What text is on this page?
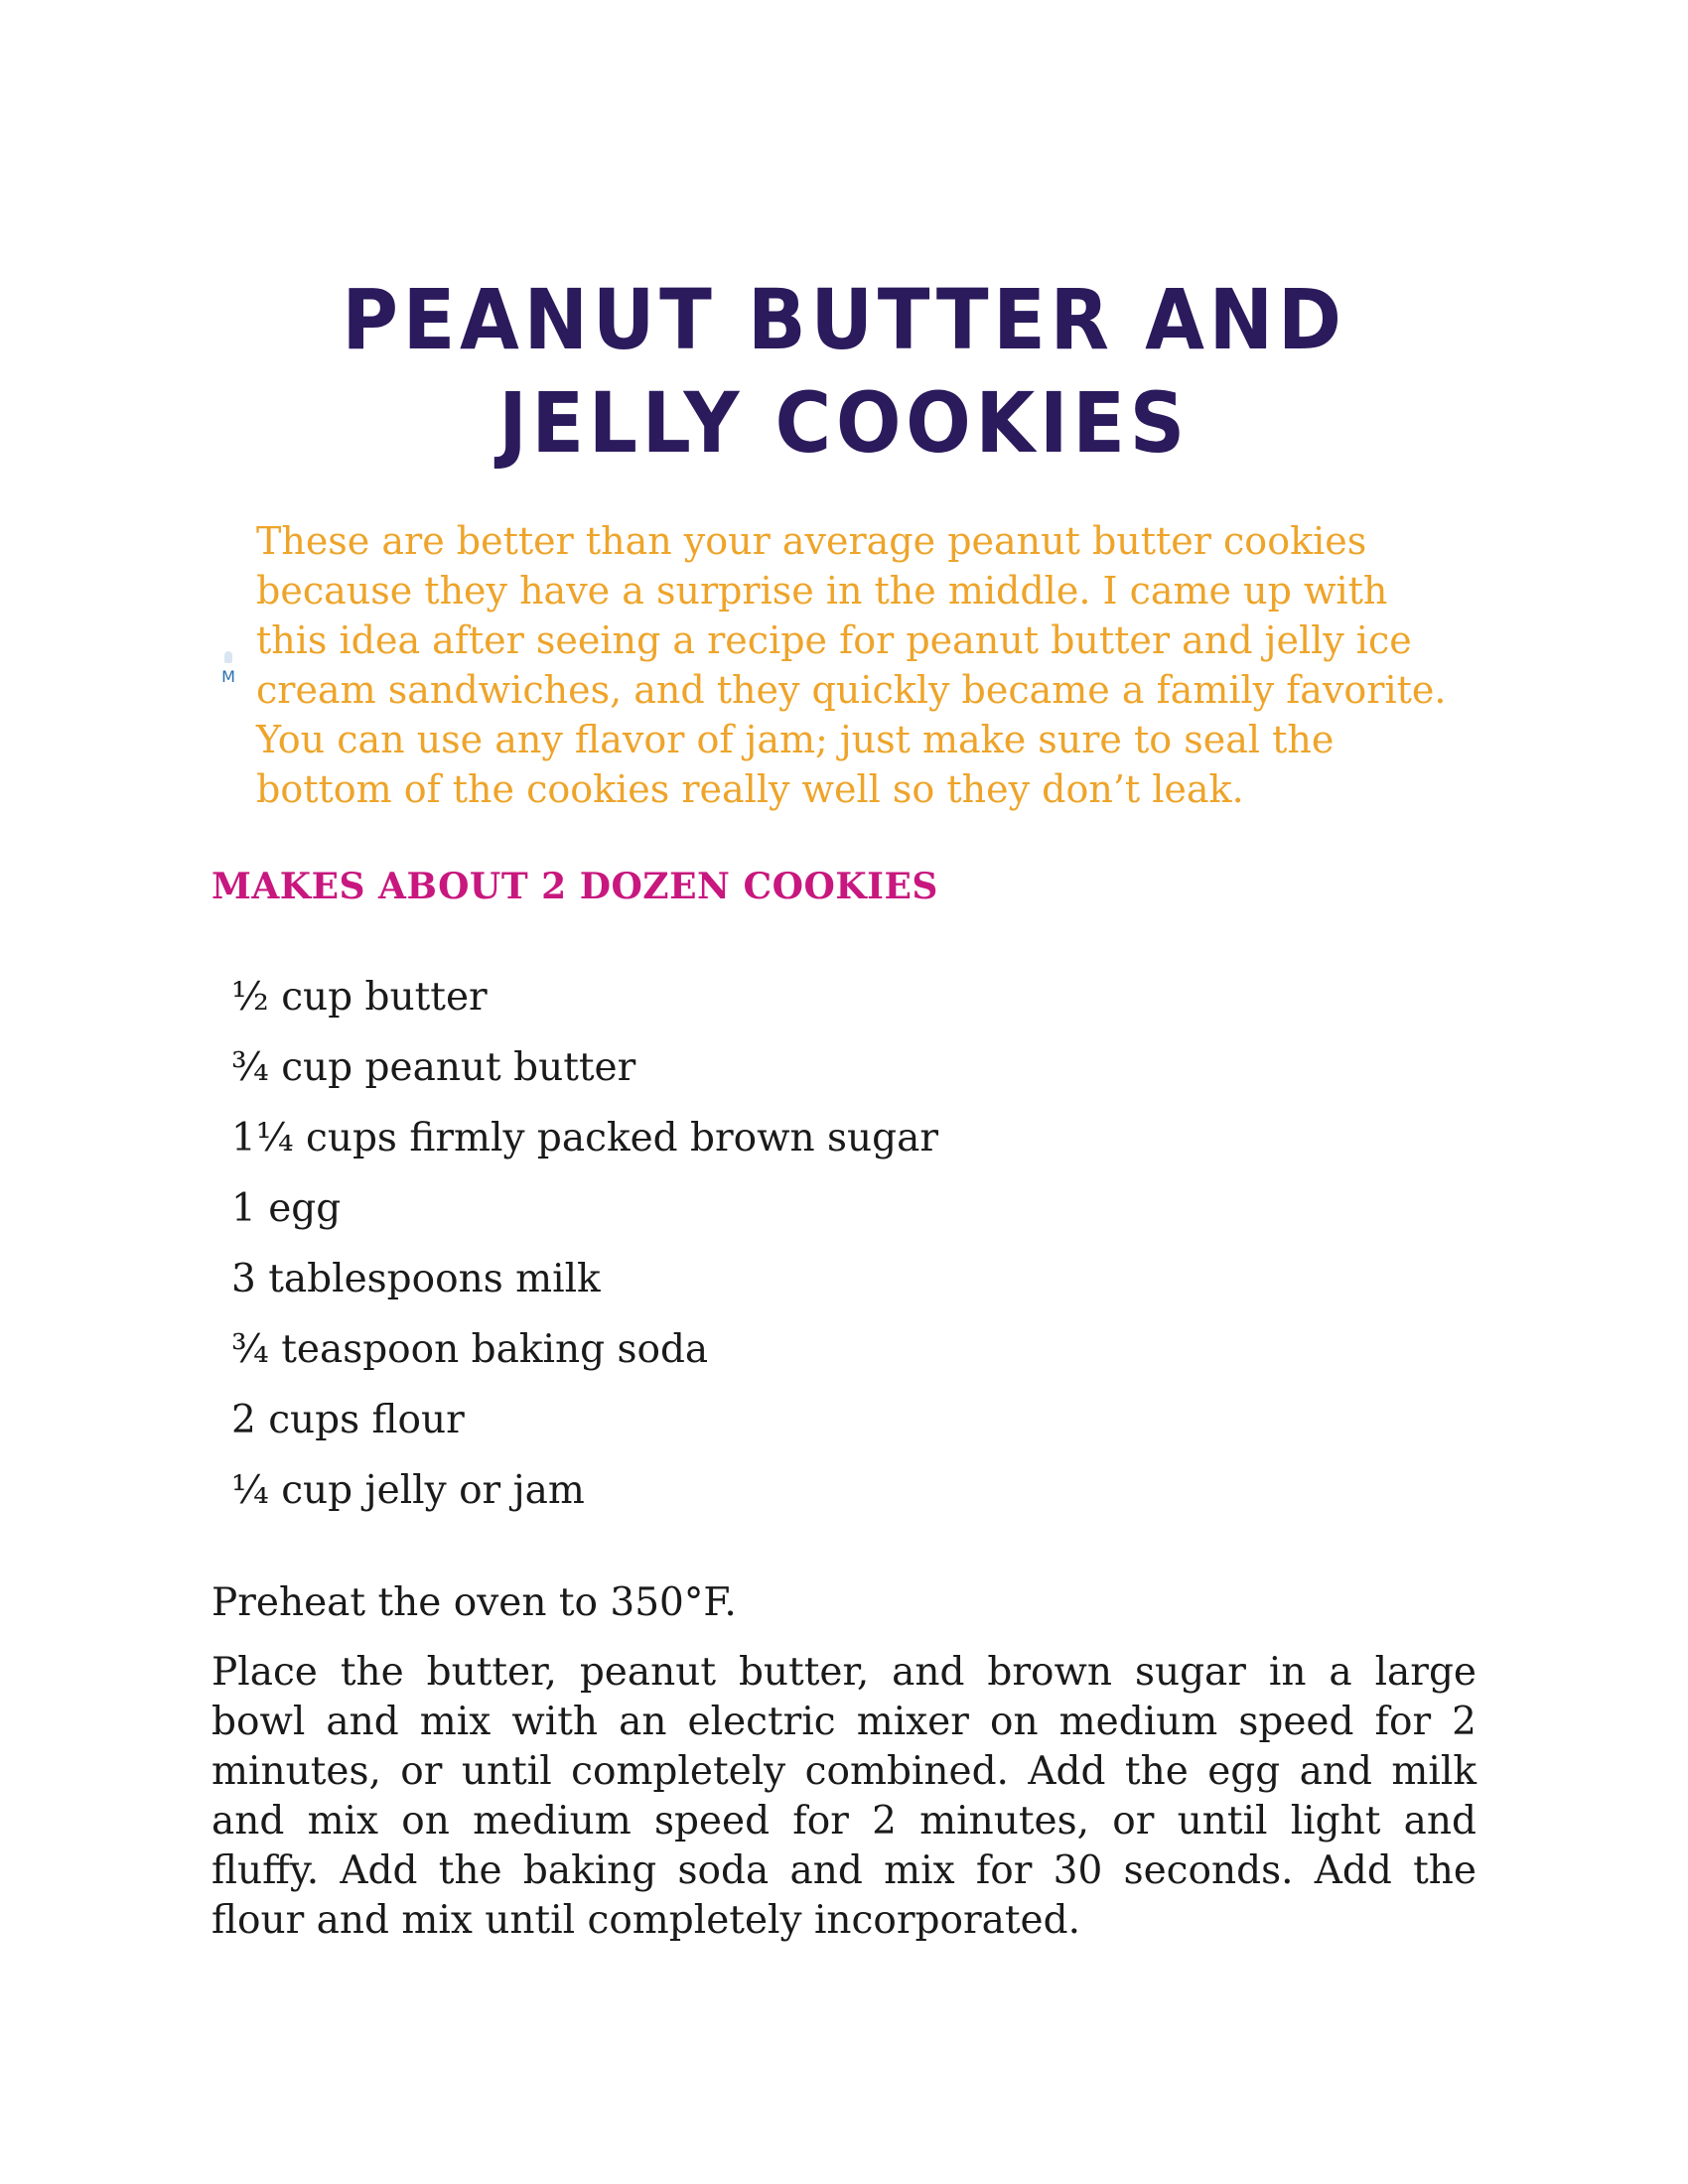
PEANUT BUTTER AND
JELLY COOKIES
M

These are better than your average peanut butter cookies because they have a surprise in the middle. I came up with this idea after seeing a recipe for peanut butter and jelly ice cream sandwiches, and they quickly became a family favorite. You can use any flavor of jam; just make sure to seal the bottom of the cookies really well so they don’t leak.

MAKES ABOUT 2 DOZEN COOKIES
½ cup butter
¾ cup peanut butter
1¼ cups firmly packed brown sugar
1 egg
3 tablespoons milk
¾ teaspoon baking soda
2 cups flour
¼ cup jelly or jam

Preheat the oven to 350°F.

Place the butter, peanut butter, and brown sugar in a large bowl and mix with an electric mixer on medium speed for 2 minutes, or until completely combined. Add the egg and milk and mix on medium speed for 2 minutes, or until light and fluffy. Add the baking soda and mix for 30 seconds. Add the flour and mix until completely incorporated.
